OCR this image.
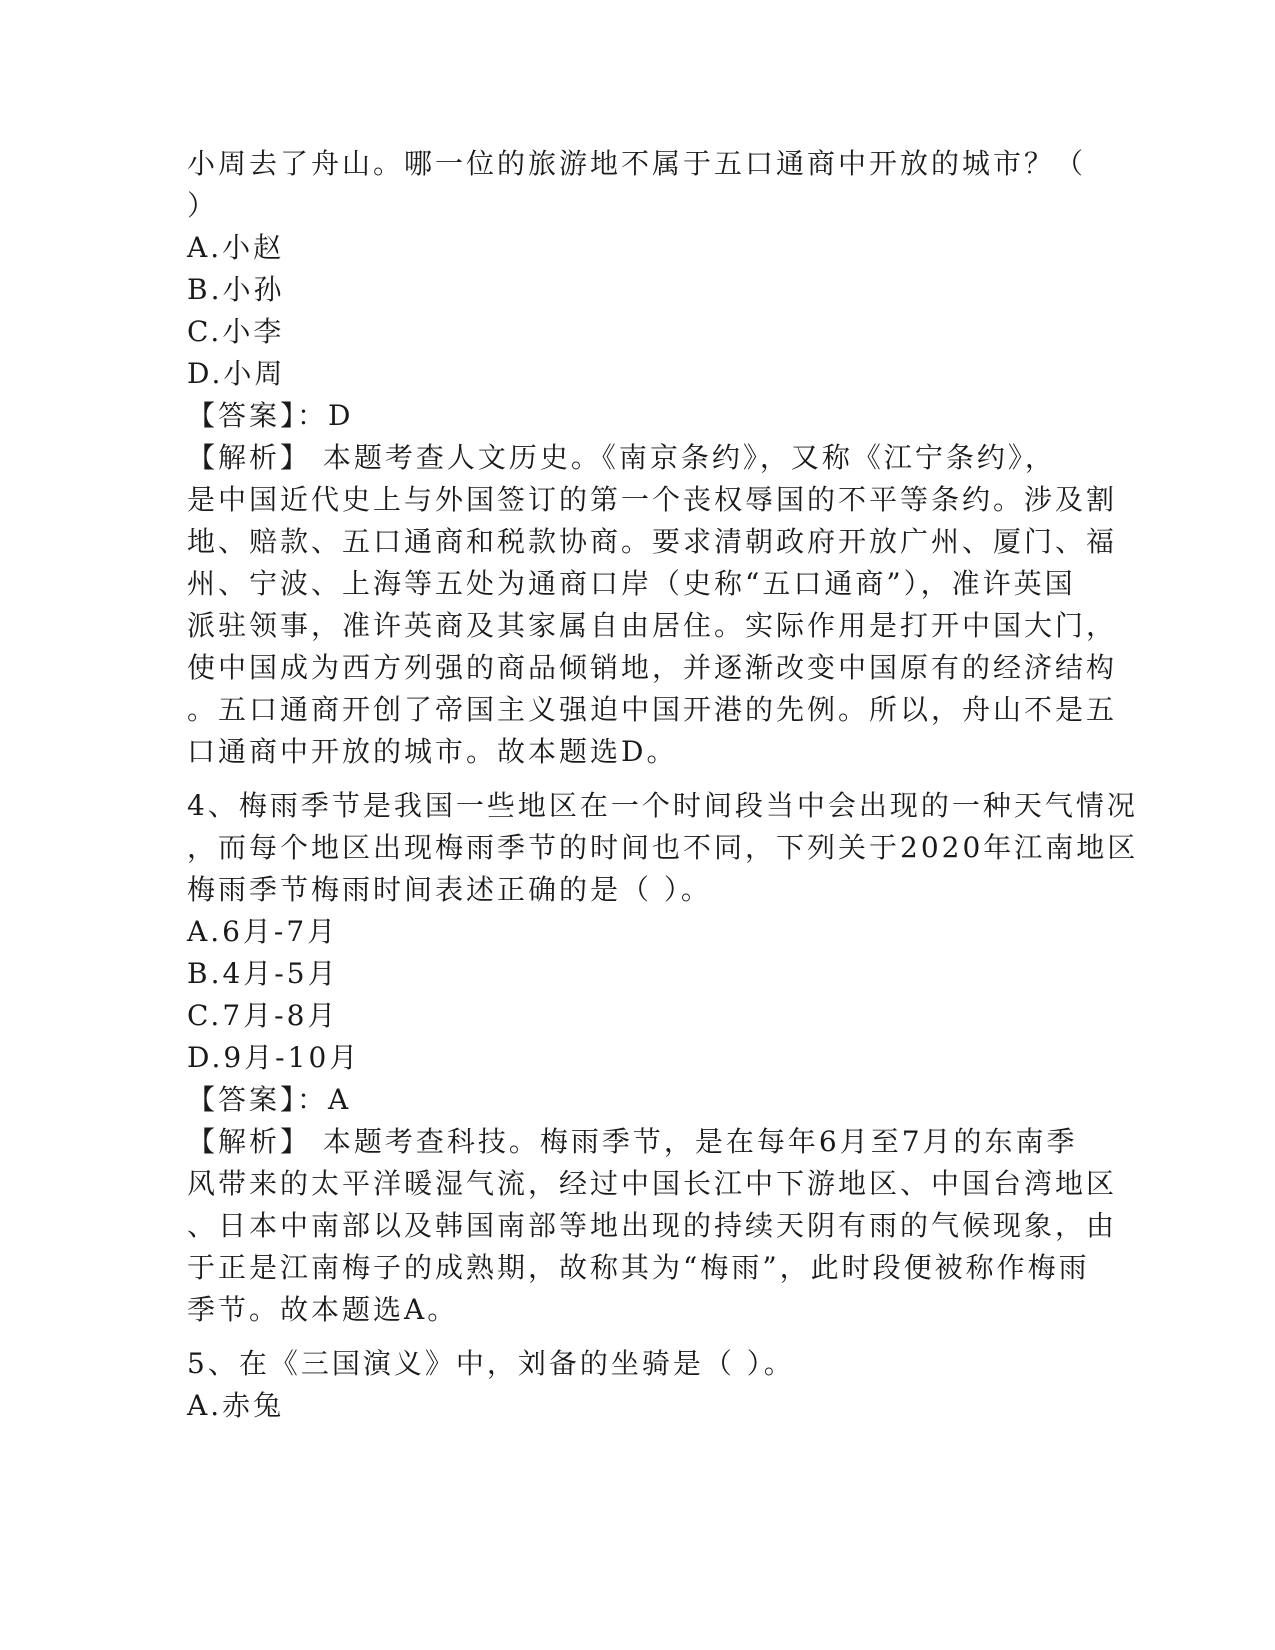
小周去了舟山。哪一位的旅游地不属于五口通商中开放的城市？（
）
A.小赵
B.小孙
C.小李
D.小周
【答案】：D
【解析】 本题考查人文历史。《南京条约》，又称《江宁条约》，
是中国近代史上与外国签订的第一个丧权辱国的不平等条约。涉及割
地、赔款、五口通商和税款协商。要求清朝政府开放广州、厦门、福
州、宁波、上海等五处为通商口岸（史称“五口通商”），准许英国
派驻领事，准许英商及其家属自由居住。实际作用是打开中国大门，
使中国成为西方列强的商品倾销地，并逐渐改变中国原有的经济结构
。五口通商开创了帝国主义强迫中国开港的先例。所以，舟山不是五
口通商中开放的城市。故本题选D。
4、梅雨季节是我国一些地区在一个时间段当中会出现的一种天气情况
，而每个地区出现梅雨季节的时间也不同，下列关于2020年江南地区
梅雨季节梅雨时间表述正确的是（ ）。
A.6月-7月
B.4月-5月
C.7月-8月
D.9月-10月
【答案】：A
【解析】 本题考查科技。梅雨季节，是在每年6月至7月的东南季
风带来的太平洋暖湿气流，经过中国长江中下游地区、中国台湾地区
、日本中南部以及韩国南部等地出现的持续天阴有雨的气候现象，由
于正是江南梅子的成熟期，故称其为“梅雨”，此时段便被称作梅雨
季节。故本题选A。
5、在《三国演义》中，刘备的坐骑是（ ）。
A.赤兔
